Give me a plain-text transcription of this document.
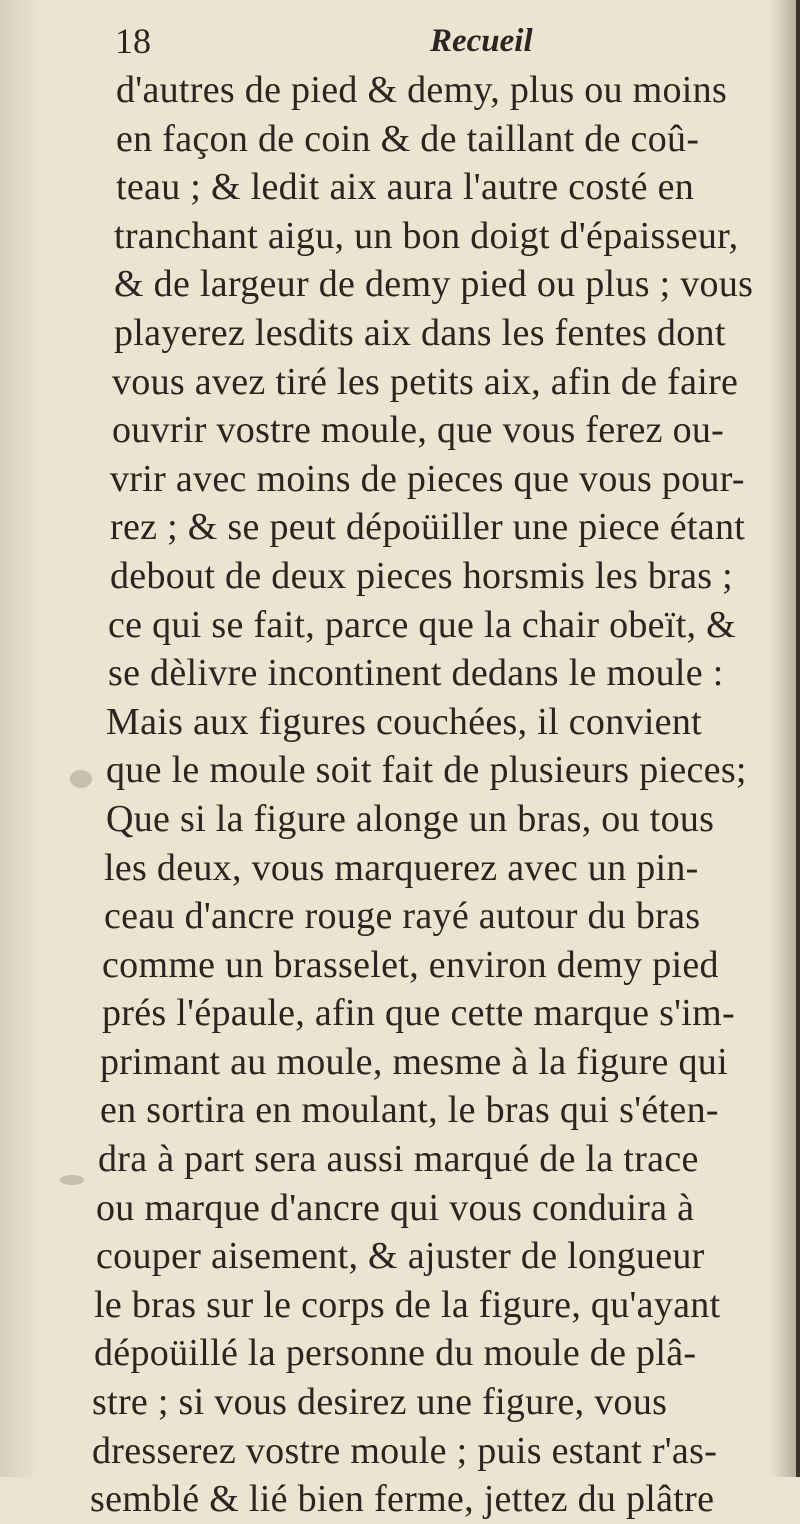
18	Recueil
d'autres de pied & demy, plus ou moins
en façon de coin & de taillant de coû-
teau ; & ledit aix aura l'autre costé en
tranchant aigu, un bon doigt d'épaisseur,
& de largeur de demy pied ou plus ; vous
playerez lesdits aix dans les fentes dont
vous avez tiré les petits aix, afin de faire
ouvrir vostre moule, que vous ferez ou-
vrir avec moins de pieces que vous pour-
rez ; & se peut dépoüiller une piece étant
debout de deux pieces horsmis les bras ;
ce qui se fait, parce que la chair obeït, &
se dèlivre incontinent dedans le moule :
Mais aux figures couchées, il convient
que le moule soit fait de plusieurs pieces;
Que si la figure alonge un bras, ou tous
les deux, vous marquerez avec un pin-
ceau d'ancre rouge rayé autour du bras
comme un brasselet, environ demy pied
prés l'épaule, afin que cette marque s'im-
primant au moule, mesme à la figure qui
en sortira en moulant, le bras qui s'éten-
dra à part sera aussi marqué de la trace
ou marque d'ancre qui vous conduira à
couper aisement, & ajuster de longueur
le bras sur le corps de la figure, qu'ayant
dépoüillé la personne du moule de plâ-
stre ; si vous desirez une figure, vous
dresserez vostre moule ; puis estant r'as-
semblé & lié bien ferme, jettez du plâtre
